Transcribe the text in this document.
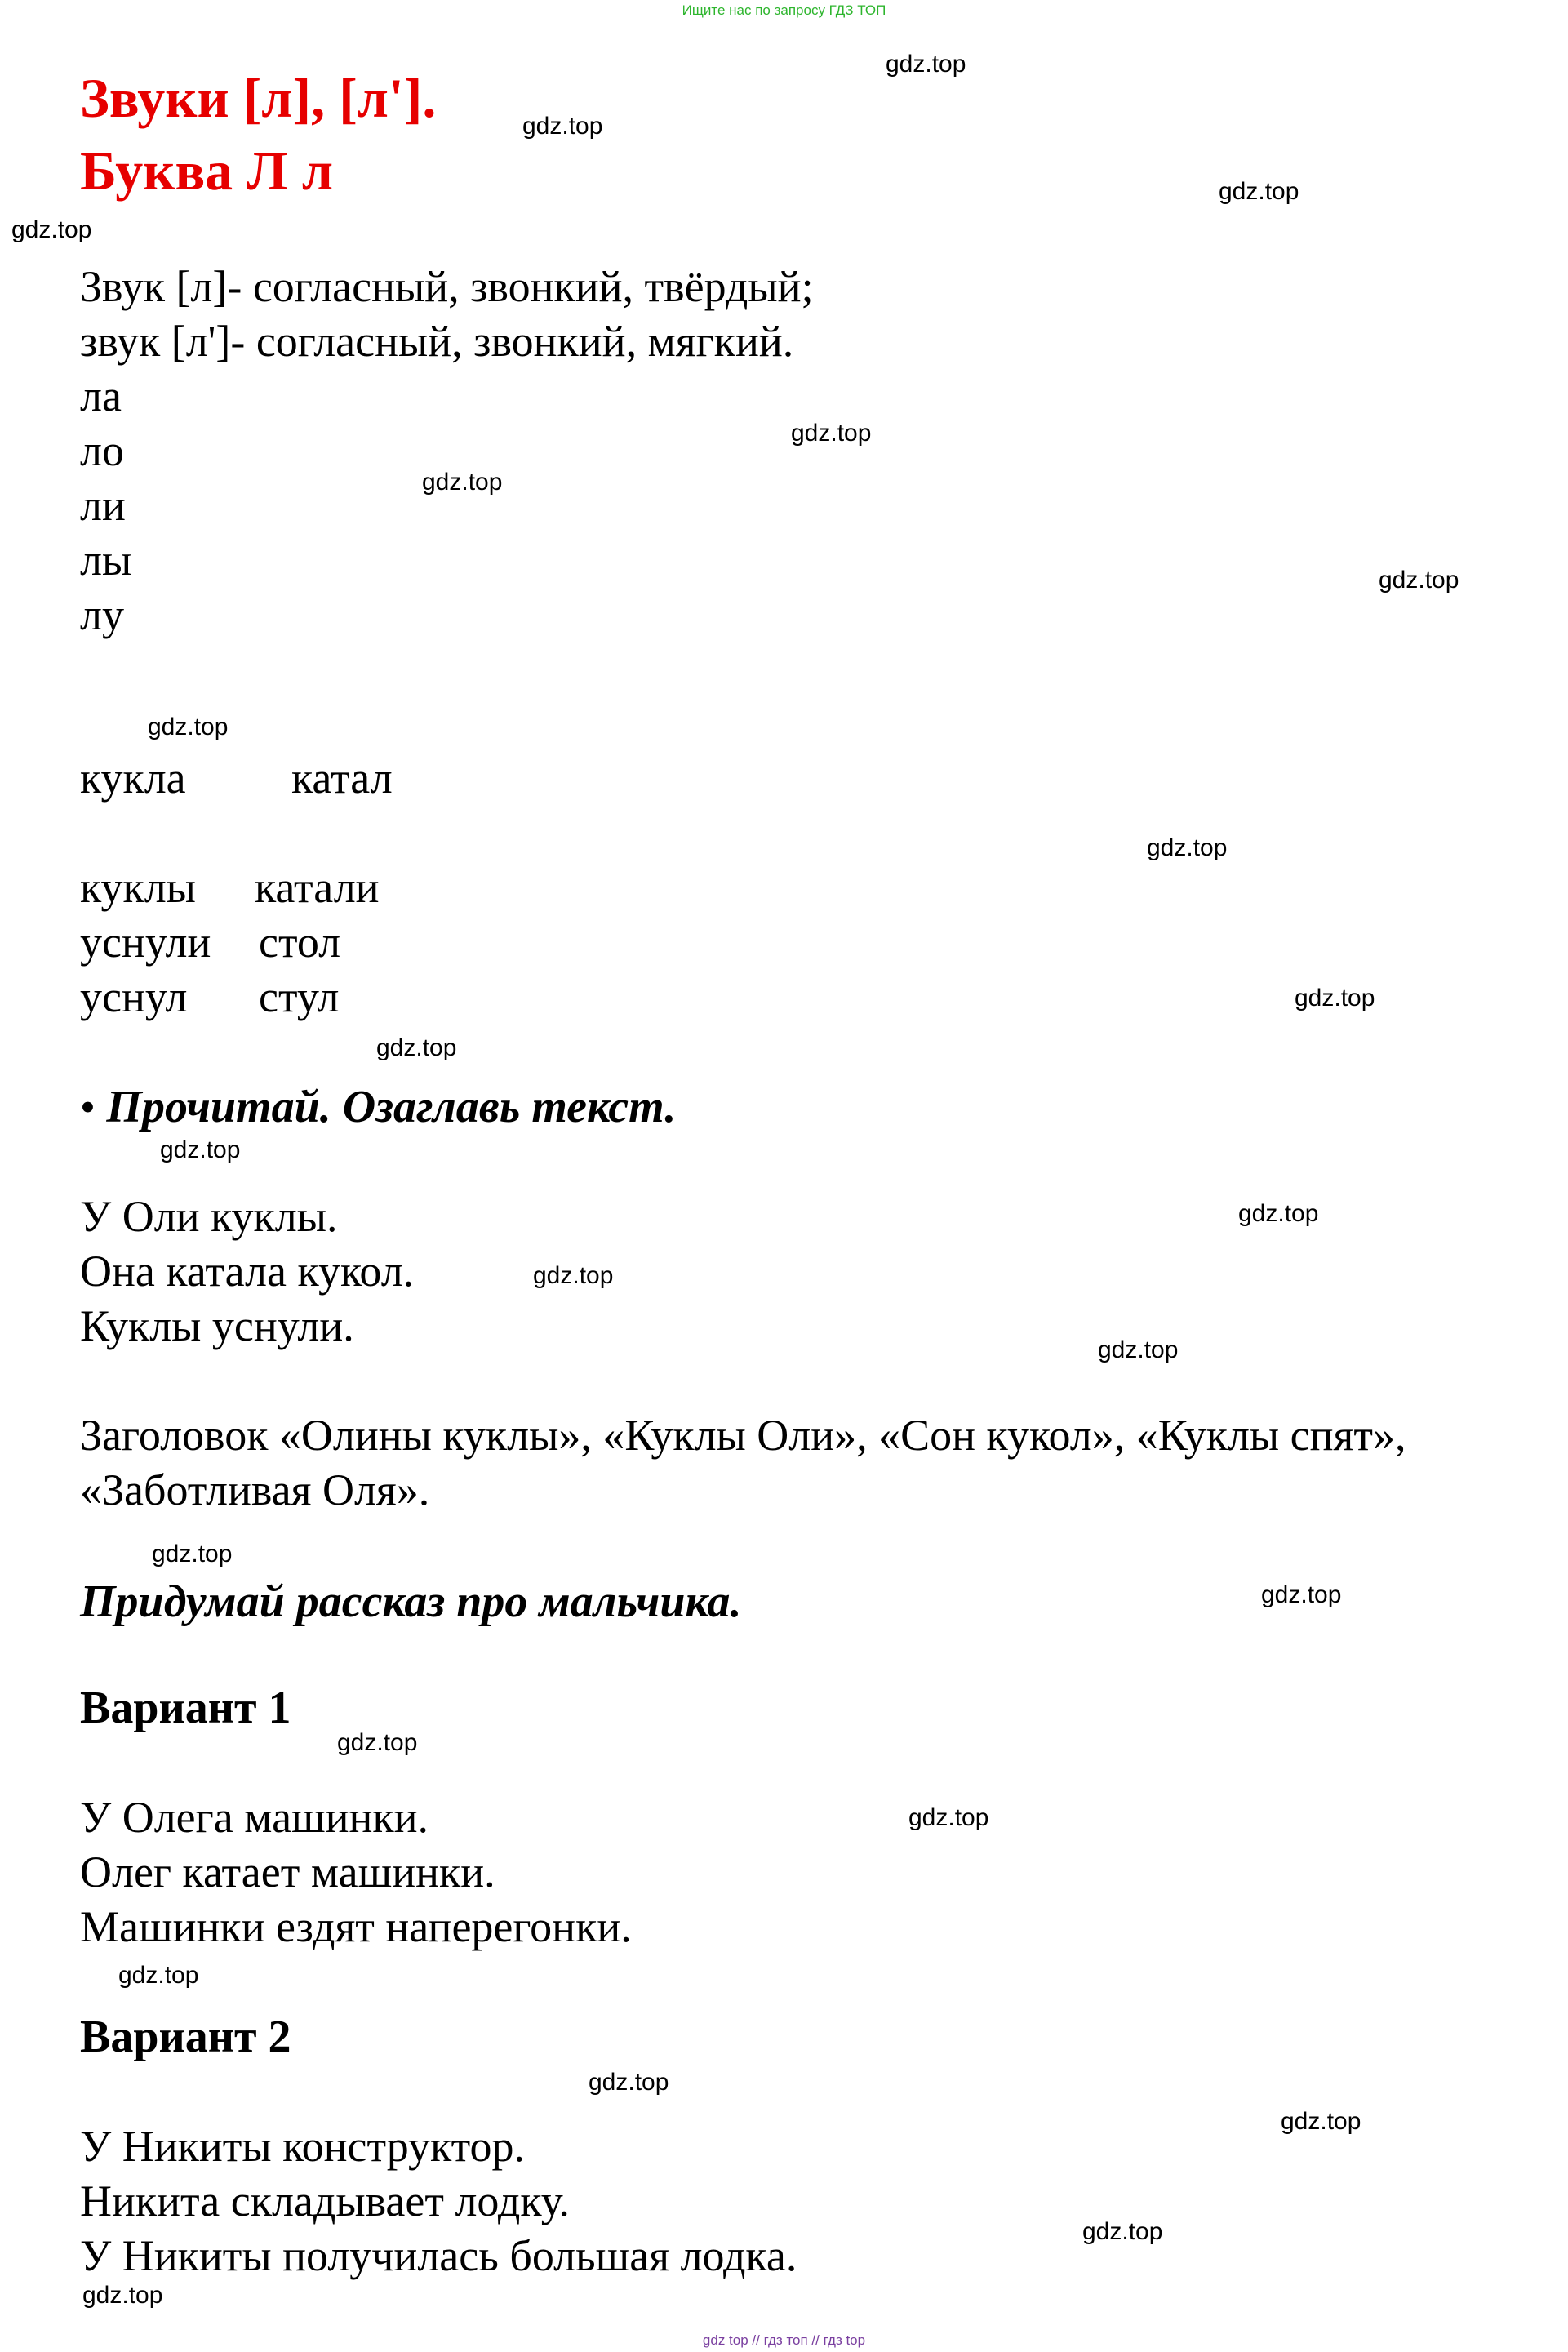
Ищите нас по запросу ГДЗ ТОП
Звуки [л], [л'].
Буква Л л
Звук [л]- согласный, звонкий, твёрдый;
звук [л']- согласный, звонкий, мягкий.
ла
ло
ли
лы
лу
кукла катал
куклы
уснули
уснул
катали
стол
стул
• Прочитай. Озаглавь текст.
У Оли куклы.
Она катала кукол.
Куклы уснули.
Заголовок «Олины куклы», «Куклы Оли», «Сон кукол», «Куклы спят»,
«Заботливая Оля».
Придумай рассказ про мальчика.
Вариант 1
У Олега машинки.
Олег катает машинки.
Машинки ездят наперегонки.
Вариант 2
У Никиты конструктор.
Никита складывает лодку.
У Никиты получилась большая лодка.
gdz.top
gdz.top
gdz.top
gdz.top
gdz.top
gdz.top
gdz.top
gdz.top
gdz.top
gdz.top
gdz.top
gdz.top
gdz.top
gdz.top
gdz.top
gdz.top
gdz.top
gdz.top
gdz.top
gdz.top
gdz.top
gdz.top
gdz.top
gdz.top
gdz top // гдз топ // гдз top
